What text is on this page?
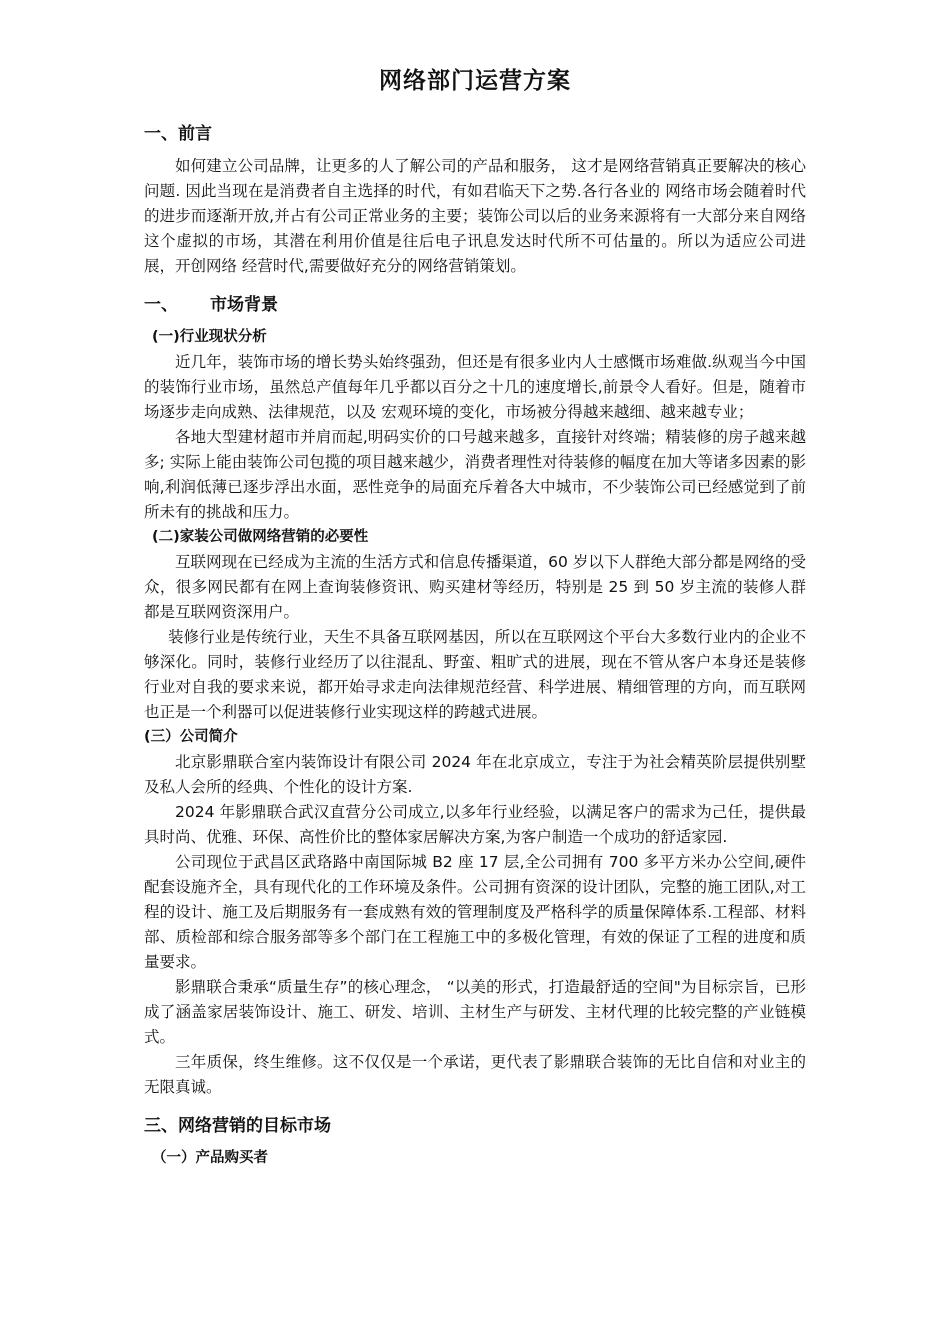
网络部门运营方案
一、前言

如何建立公司品牌，让更多的人了解公司的产品和服务， 这才是网络营销真正要解决的核心问题. 因此当现在是消费者自主选择的时代，有如君临天下之势.各行各业的 网络市场会随着时代的进步而逐渐开放,并占有公司正常业务的主要；装饰公司以后的业务来源将有一大部分来自网络这个虚拟的市场，其潜在利用价值是往后电子讯息发达时代所不可估量的。所以为适应公司进展，开创网络 经营时代,需要做好充分的网络营销策划。

一、 市场背景
(一)行业现状分析

近几年，装饰市场的增长势头始终强劲，但还是有很多业内人士感慨市场难做.纵观当今中国的装饰行业市场，虽然总产值每年几乎都以百分之十几的速度增长,前景令人看好。但是，随着市场逐步走向成熟、法律规范，以及 宏观环境的变化，市场被分得越来越细、越来越专业；

各地大型建材超市并肩而起,明码实价的口号越来越多，直接针对终端；精装修的房子越来越多; 实际上能由装饰公司包揽的项目越来越少，消费者理性对待装修的幅度在加大等诸多因素的影响,利润低薄已逐步浮出水面，恶性竞争的局面充斥着各大中城市，不少装饰公司已经感觉到了前所未有的挑战和压力。

(二)家装公司做网络营销的必要性

互联网现在已经成为主流的生活方式和信息传播渠道，60 岁以下人群绝大部分都是网络的受众，很多网民都有在网上查询装修资讯、购买建材等经历，特别是 25 到 50 岁主流的装修人群都是互联网资深用户。

装修行业是传统行业，天生不具备互联网基因，所以在互联网这个平台大多数行业内的企业不够深化。同时，装修行业经历了以往混乱、野蛮、粗旷式的进展，现在不管从客户本身还是装修行业对自我的要求来说，都开始寻求走向法律规范经营、科学进展、精细管理的方向，而互联网也正是一个利器可以促进装修行业实现这样的跨越式进展。

(三）公司简介

北京影鼎联合室内装饰设计有限公司 2024 年在北京成立，专注于为社会精英阶层提供别墅及私人会所的经典、个性化的设计方案.

2024 年影鼎联合武汉直营分公司成立,以多年行业经验，以满足客户的需求为己任，提供最具时尚、优雅、环保、高性价比的整体家居解决方案,为客户制造一个成功的舒适家园.

公司现位于武昌区武珞路中南国际城 B2 座 17 层,全公司拥有 700 多平方米办公空间,硬件配套设施齐全，具有现代化的工作环境及条件。公司拥有资深的设计团队，完整的施工团队,对工程的设计、施工及后期服务有一套成熟有效的管理制度及严格科学的质量保障体系.工程部、材料部、质检部和综合服务部等多个部门在工程施工中的多极化管理，有效的保证了工程的进度和质量要求。

影鼎联合秉承“质量生存”的核心理念， “以美的形式，打造最舒适的空间"为目标宗旨，已形成了涵盖家居装饰设计、施工、研发、培训、主材生产与研发、主材代理的比较完整的产业链模式。

三年质保，终生维修。这不仅仅是一个承诺，更代表了影鼎联合装饰的无比自信和对业主的无限真诚。

三、网络营销的目标市场
（一）产品购买者
